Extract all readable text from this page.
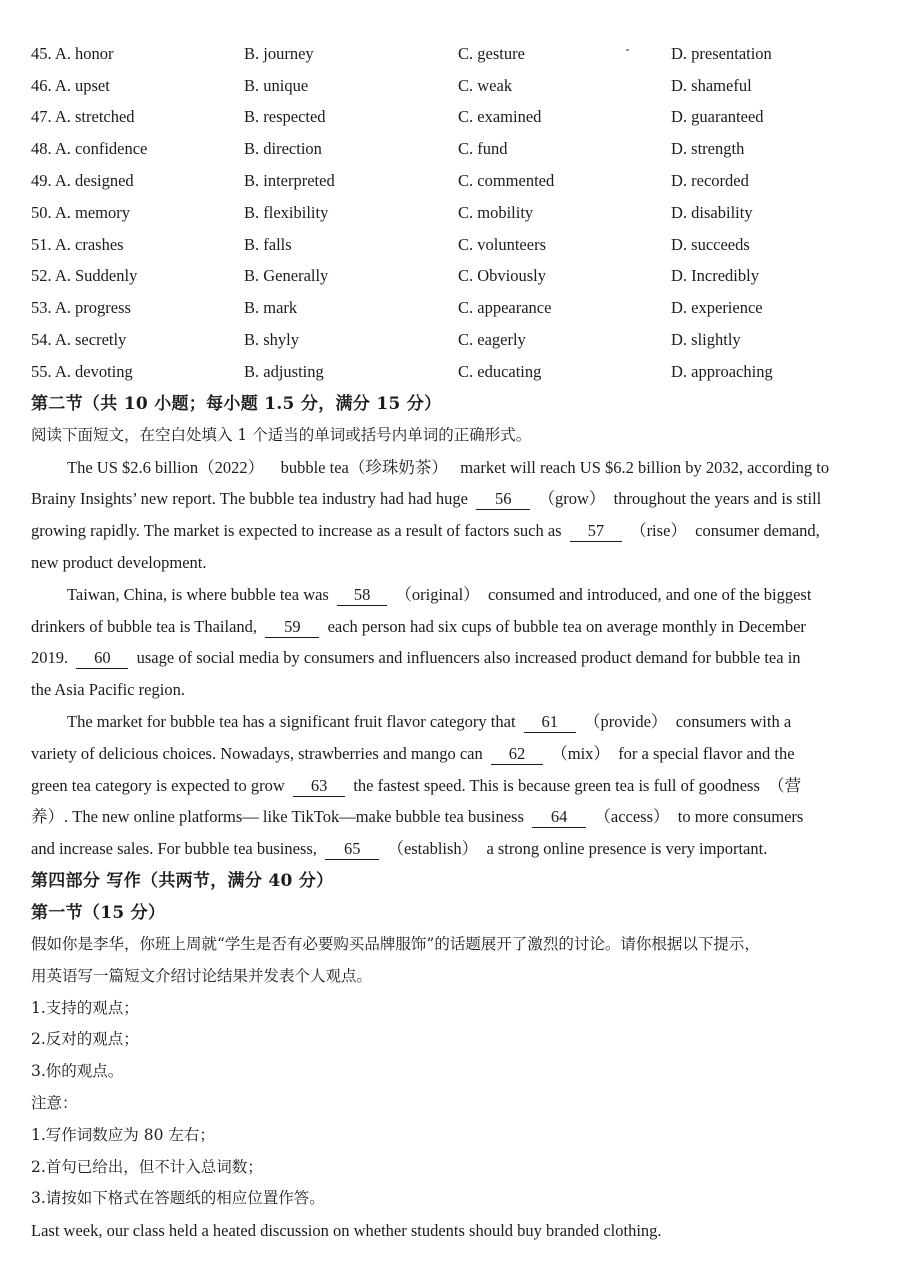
45. A. honor	B. journey	C. gesture	D. presentation
46. A. upset	B. unique	C. weak	D. shameful
47. A. stretched	B. respected	C. examined	D. guaranteed
48. A. confidence	B. direction	C. fund	D. strength
49. A. designed	B. interpreted	C. commented	D. recorded
50. A. memory	B. flexibility	C. mobility	D. disability
51. A. crashes	B. falls	C. volunteers	D. succeeds
52. A. Suddenly	B. Generally	C. Obviously	D. Incredibly
53. A. progress	B. mark	C. appearance	D. experience
54. A. secretly	B. shyly	C. eagerly	D. slightly
55. A. devoting	B. adjusting	C. educating	D. approaching
第二节（共 10 小题；每小题 1.5 分，满分 15 分）
阅读下面短文，在空白处填入 1 个适当的单词或括号内单词的正确形式。
The US $2.6 billion（2022） bubble tea（珍珠奶茶） market will reach US $6.2 billion by 2032, according to
Brainy Insights’ new report. The bubble tea industry had had huge 56 （grow） throughout the years and is still
growing rapidly. The market is expected to increase as a result of factors such as 57 （rise） consumer demand,
new product development.
Taiwan, China, is where bubble tea was 58 （original） consumed and introduced, and one of the biggest
drinkers of bubble tea is Thailand, 59 each person had six cups of bubble tea on average monthly in December
2019. 60 usage of social media by consumers and influencers also increased product demand for bubble tea in
the Asia Pacific region.
The market for bubble tea has a significant fruit flavor category that 61 （provide） consumers with a
variety of delicious choices. Nowadays, strawberries and mango can 62 （mix） for a special flavor and the
green tea category is expected to grow 63 the fastest speed. This is because green tea is full of goodness （营
养）. The new online platforms— like TikTok—make bubble tea business 64 （access） to more consumers
and increase sales. For bubble tea business, 65 （establish） a strong online presence is very important.
第四部分 写作（共两节，满分 40 分）
第一节（15 分）
假如你是李华，你班上周就“学生是否有必要购买品牌服饰”的话题展开了激烈的讨论。请你根据以下提示，
用英语写一篇短文介绍讨论结果并发表个人观点。
1.支持的观点；
2.反对的观点；
3.你的观点。
注意：
1.写作词数应为 80 左右；
2.首句已给出，但不计入总词数；
3.请按如下格式在答题纸的相应位置作答。
Last week, our class held a heated discussion on whether students should buy branded clothing.
